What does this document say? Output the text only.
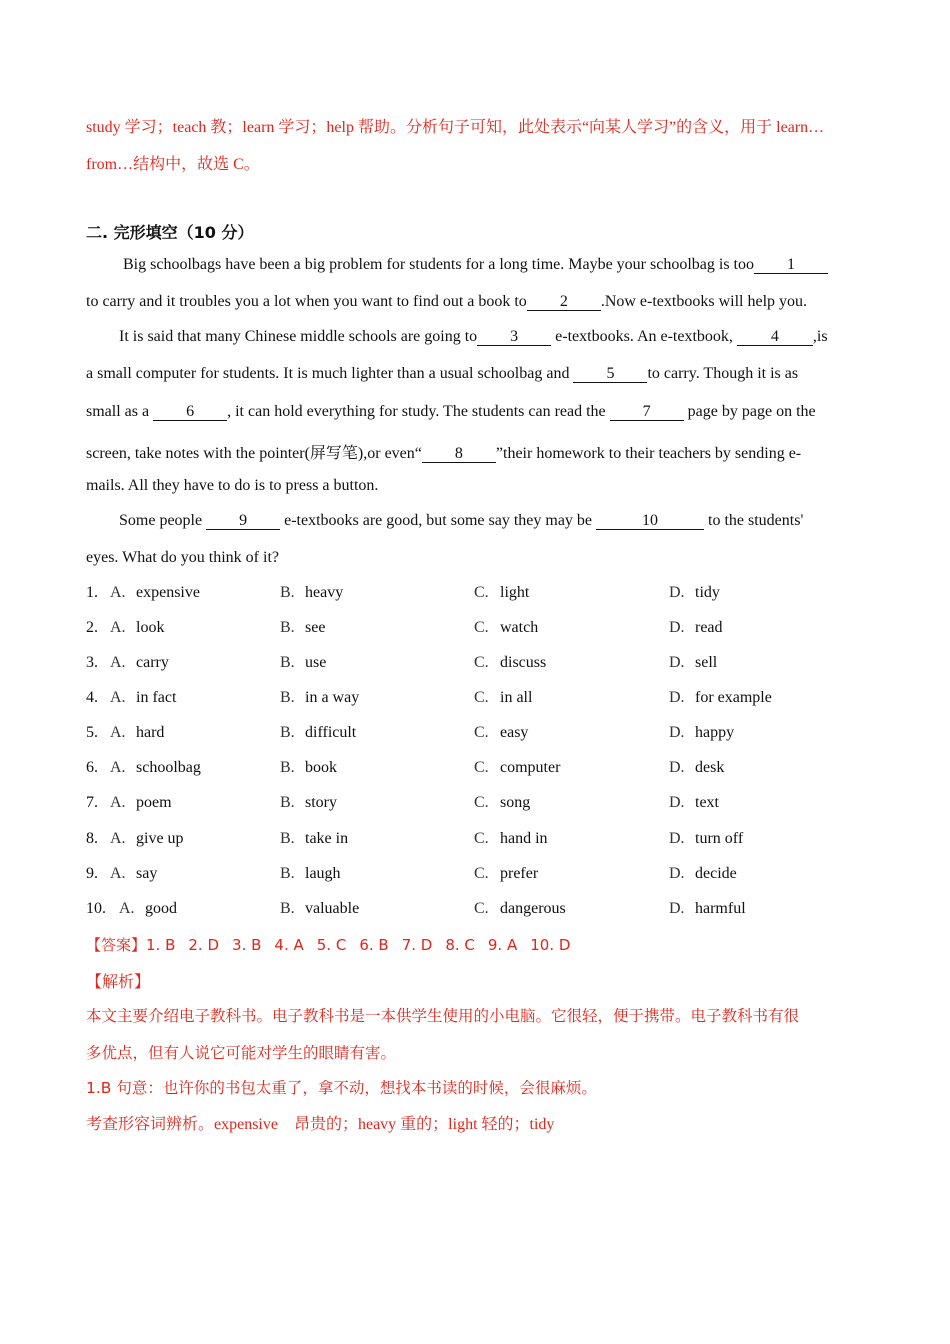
study 学习；teach 教；learn 学习；help 帮助。分析句子可知，此处表示“向某人学习”的含义，用于 learn…
from…结构中，故选 C。
二. 完形填空（10 分）
Big schoolbags have been a big problem for students for a long time. Maybe your schoolbag is too 1
to carry and it troubles you a lot when you want to find out a book to 2 .Now e-textbooks will help you.
It is said that many Chinese middle schools are going to 3 e-textbooks. An e-textbook, 4 ,is
a small computer for students. It is much lighter than a usual schoolbag and 5 to carry. Though it is as
small as a 6 , it can hold everything for study. The students can read the 7 page by page on the
screen, take notes with the pointer(屏写笔),or even“ 8 ”their homework to their teachers by sending e-
mails. All they have to do is to press a button.
Some people 9 e-textbooks are good, but some say they may be	10	to the students'
eyes. What do you think of it?
1. A. expensive	B. heavy	C. light	D. tidy
2. A. look	B. see	C. watch	D. read
3. A. carry	B. use	C. discuss	D. sell
4. A. in fact	B. in a way	C. in all	D. for example
5. A. hard	B. difficult	C. easy	D. happy
6. A. schoolbag	B. book	C. computer	D. desk
7. A. poem	B. story	C. song	D. text
8. A. give up	B. take in	C. hand in	D. turn off
9. A. say	B. laugh	C. prefer	D. decide
10. A. good	B. valuable	C. dangerous	D. harmful
【答案】1. B 2. D 3. B 4. A 5. C 6. B 7. D 8. C 9. A 10. D
【解析】
本文主要介绍电子教科书。电子教科书是一本供学生使用的小电脑。它很轻，便于携带。电子教科书有很
多优点，但有人说它可能对学生的眼睛有害。
1.B 句意：也许你的书包太重了，拿不动，想找本书读的时候，会很麻烦。
考查形容词辨析。expensive　昂贵的；heavy 重的；light 轻的；tidy
